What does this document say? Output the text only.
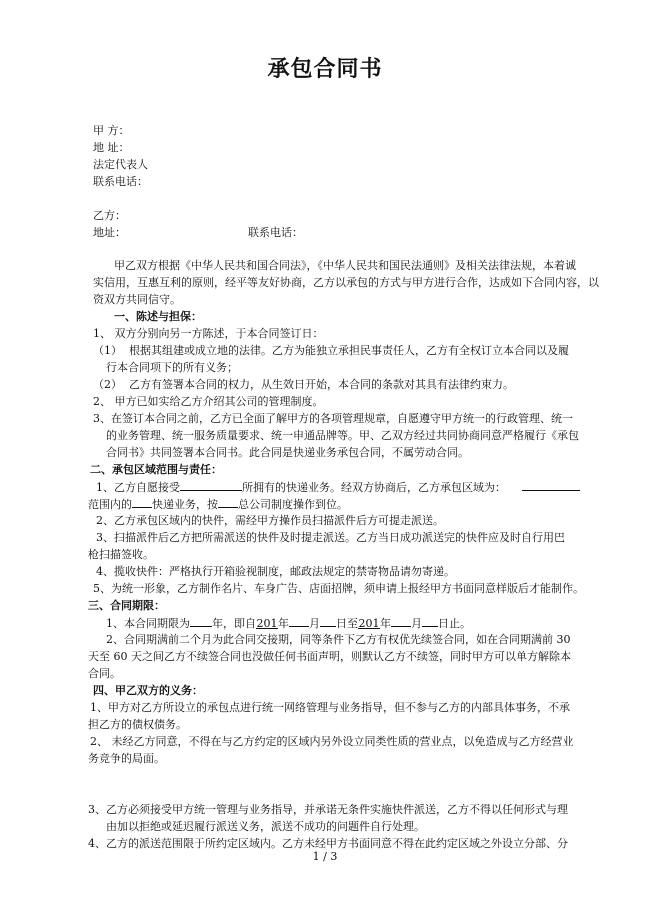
承包合同书
甲 方：
地 址：
法定代表人
联系电话：
乙方：
地址：	联系电话：
甲乙双方根据《中华人民共和国合同法》，《中华人民共和国民法通则》及相关法律法规，本着诚
实信用，互惠互利的原则，经平等友好协商，乙方以承包的方式与甲方进行合作，达成如下合同内容，以
资双方共同信守。
一、陈述与担保：
1、 双方分别向另一方陈述，于本合同签订日：
（1） 根据其组建或成立地的法律。乙方为能独立承担民事责任人，乙方有全权订立本合同以及履
行本合同项下的所有义务；
（2） 乙方有签署本合同的权力，从生效日开始，本合同的条款对其具有法律约束力。
2、 甲方已如实给乙方介绍其公司的管理制度。
3、在签订本合同之前，乙方已全面了解甲方的各项管理规章，自愿遵守甲方统一的行政管理、统一
的业务管理、统一服务质量要求、统一申通品牌等。甲、乙双方经过共同协商同意严格履行《承包
合同书》共同签署本合同书。此合同是快递业务承包合同，不属劳动合同。
二、承包区域范围与责任：
1、乙方自愿接受	所拥有的快递业务。经双方协商后，乙方承包区域为：
范围内的 快递业务，按 总公司制度操作到位。
2、乙方承包区域内的快件，需经甲方操作员扫描派件后方可提走派送。
3、扫描派件后乙方把所需派送的快件及时提走派送。乙方当日成功派送完的快件应及时自行用巴
枪扫描签收。
4、揽收快件：严格执行开箱验视制度，邮政法规定的禁寄物品请勿寄递。
5、为统一形象，乙方制作名片、车身广告、店面招牌，须申请上报经甲方书面同意样版后才能制作。
三、合同期限：
1、本合同期限为 年，即自201年 月 日至201年 月 日止。
2、合同期满前二个月为此合同交接期，同等条件下乙方有权优先续签合同，如在合同期满前 30
天至 60 天之间乙方不续签合同也没做任何书面声明，则默认乙方不续签，同时甲方可以单方解除本
合同。
四、甲乙双方的义务：
1、甲方对乙方所设立的承包点进行统一网络管理与业务指导，但不参与乙方的内部具体事务，不承
担乙方的债权债务。
2、 未经乙方同意，不得在与乙方约定的区域内另外设立同类性质的营业点，以免造成与乙方经营业
务竞争的局面。
3、乙方必须接受甲方统一管理与业务指导，并承诺无条件实施快件派送，乙方不得以任何形式与理
由加以拒绝或延迟履行派送义务，派送不成功的问题件自行处理。
4、乙方的派送范围限于所约定区域内。乙方未经甲方书面同意不得在此约定区域之外设立分部、分
1 / 3
